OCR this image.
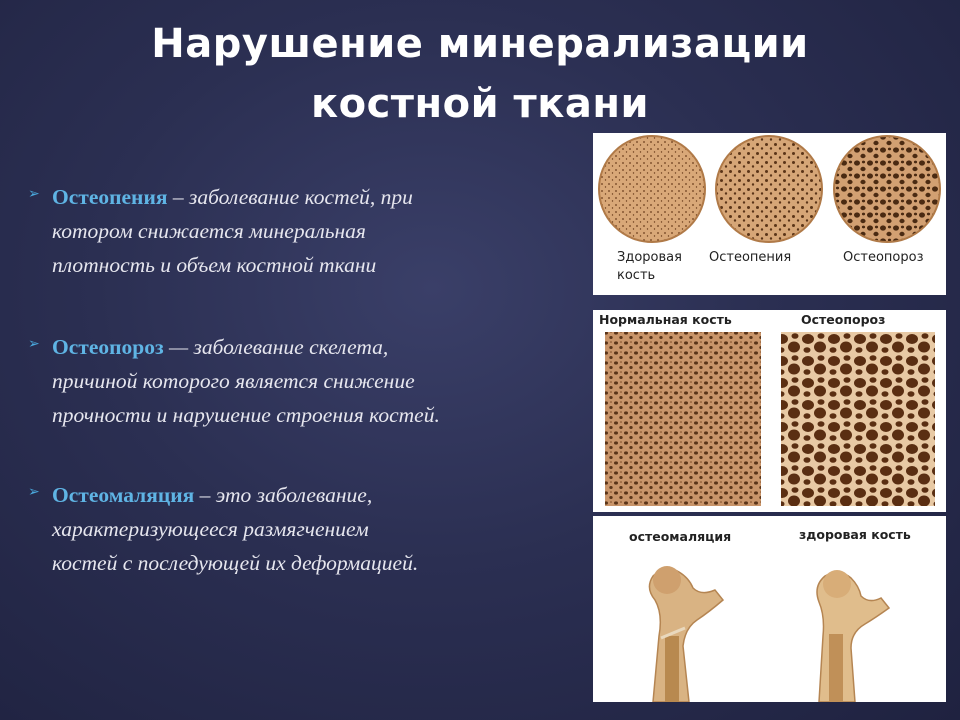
Нарушение минерализации
костной ткани
➢ Остеопения – заболевание костей, при
котором снижается минеральная
плотность и объем костной ткани

➢ Остеопороз — заболевание скелета,
причиной которого является снижение
прочности и нарушение строения костей.

➢ Остеомаляция – это заболевание,
характеризующееся размягчением
костей с последующей их деформацией.

Здоровая
кость
Остеопения	Остеопороз
Нормальная кость	Остеопороз
остеомаляция	здоровая кость
